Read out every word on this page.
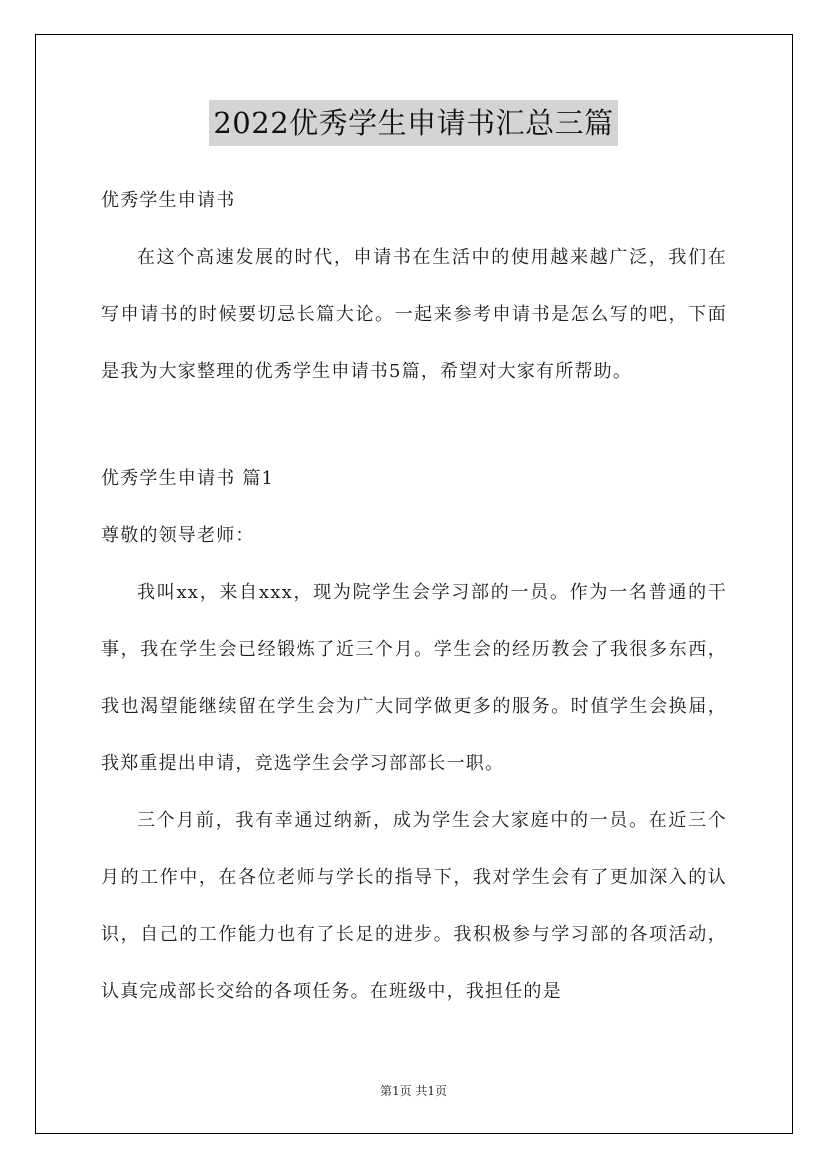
2022优秀学生申请书汇总三篇

优秀学生申请书

在这个高速发展的时代，申请书在生活中的使用越来越广泛，我们在写申请书的时候要切忌长篇大论。一起来参考申请书是怎么写的吧，下面是我为大家整理的优秀学生申请书5篇，希望对大家有所帮助。

优秀学生申请书 篇1

尊敬的领导老师：

我叫xx，来自xxx，现为院学生会学习部的一员。作为一名普通的干事，我在学生会已经锻炼了近三个月。学生会的经历教会了我很多东西，我也渴望能继续留在学生会为广大同学做更多的服务。时值学生会换届，我郑重提出申请，竞选学生会学习部部长一职。

三个月前，我有幸通过纳新，成为学生会大家庭中的一员。在近三个月的工作中，在各位老师与学长的指导下，我对学生会有了更加深入的认识，自己的工作能力也有了长足的进步。我积极参与学习部的各项活动，认真完成部长交给的各项任务。在班级中，我担任的是

第1页 共1页
